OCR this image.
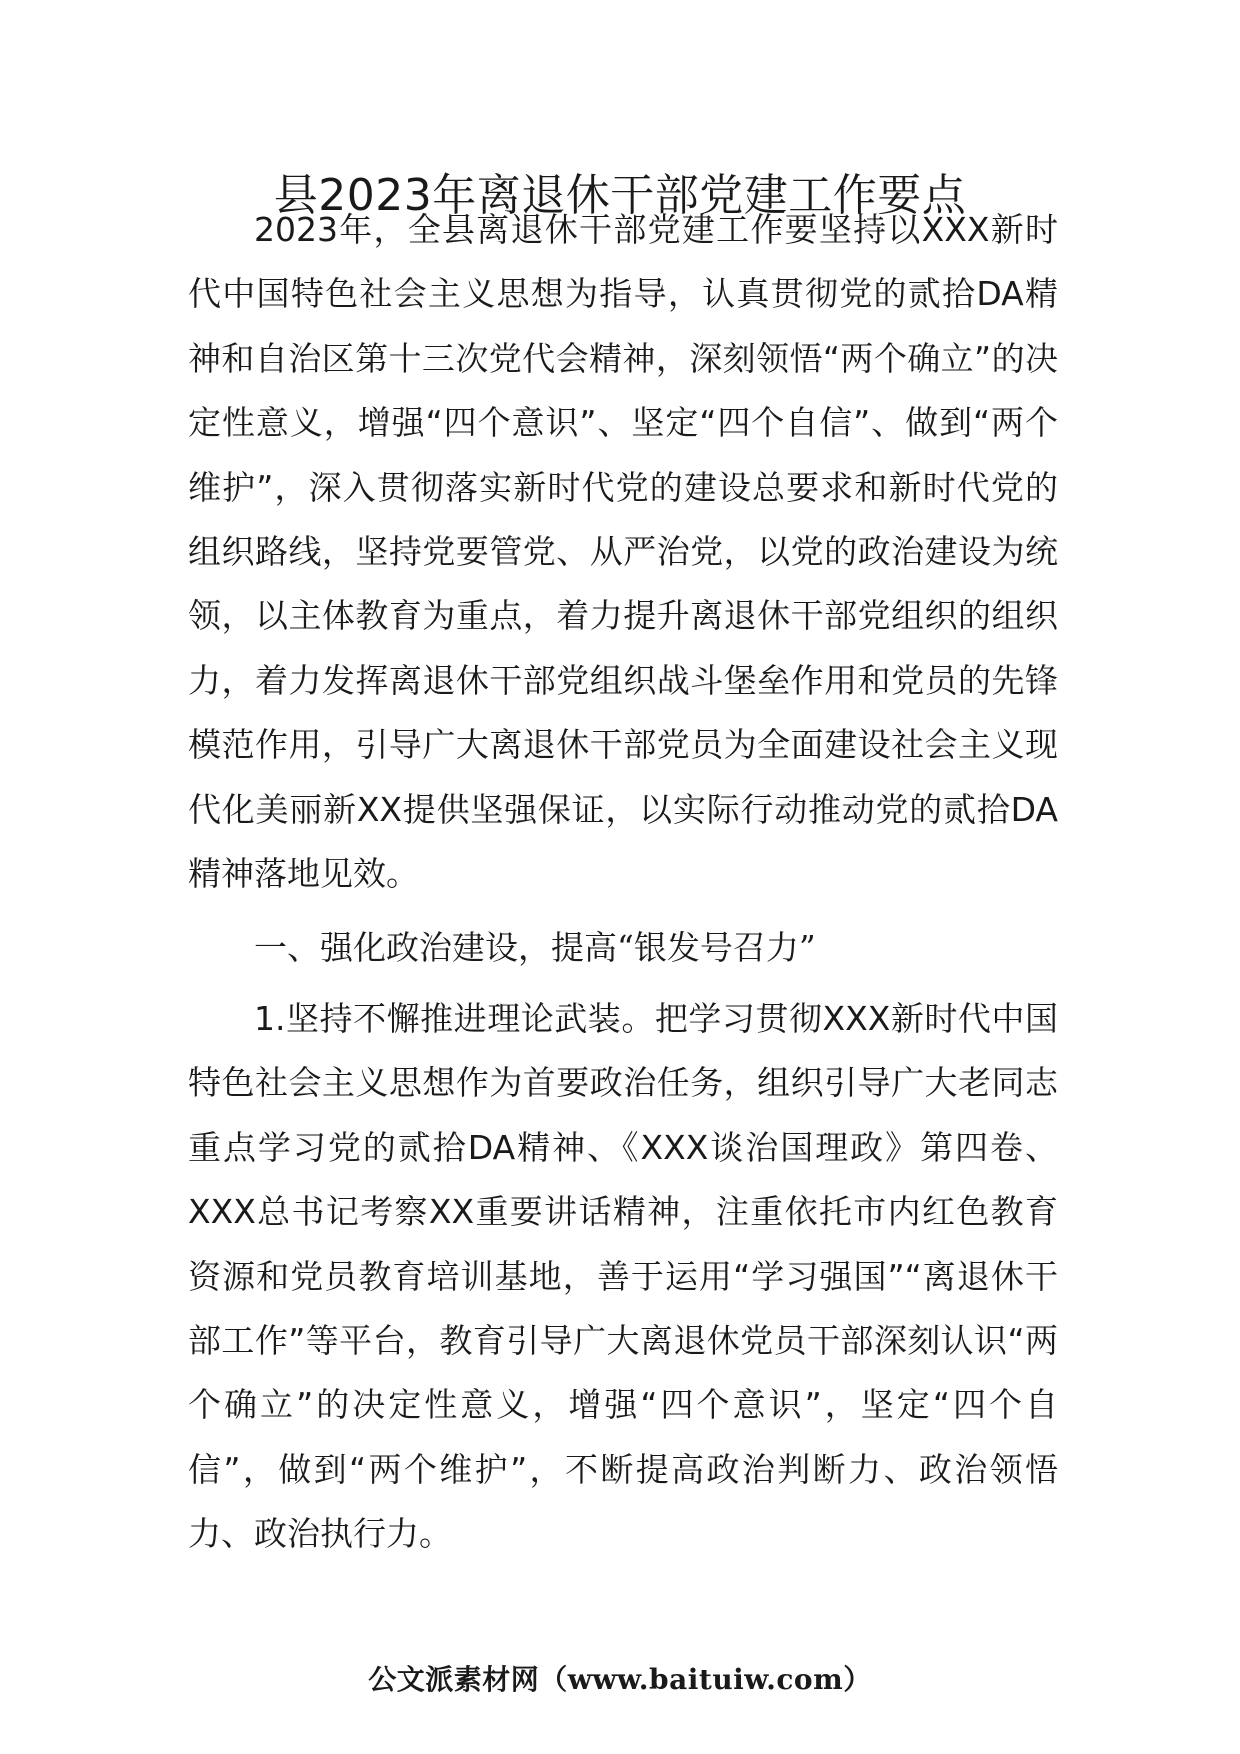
县2023年离退休干部党建工作要点

2023年，全县离退休干部党建工作要坚持以XXX新时代中国特色社会主义思想为指导，认真贯彻党的贰拾DA精神和自治区第十三次党代会精神，深刻领悟“两个确立”的决定性意义，增强“四个意识”、坚定“四个自信”、做到“两个维护”，深入贯彻落实新时代党的建设总要求和新时代党的组织路线，坚持党要管党、从严治党，以党的政治建设为统领，以主体教育为重点，着力提升离退休干部党组织的组织力，着力发挥离退休干部党组织战斗堡垒作用和党员的先锋模范作用，引导广大离退休干部党员为全面建设社会主义现代化美丽新XX提供坚强保证，以实际行动推动党的贰拾DA精神落地见效。

一、强化政治建设，提高“银发号召力”

1.坚持不懈推进理论武装。把学习贯彻XXX新时代中国特色社会主义思想作为首要政治任务，组织引导广大老同志重点学习党的贰拾DA精神、《XXX谈治国理政》第四卷、XXX总书记考察XX重要讲话精神，注重依托市内红色教育资源和党员教育培训基地，善于运用“学习强国”“离退休干部工作”等平台，教育引导广大离退休党员干部深刻认识“两个确立”的决定性意义，增强“四个意识”，坚定“四个自信”，做到“两个维护”，不断提高政治判断力、政治领悟力、政治执行力。

公文派素材网（www.baituiw.com）
